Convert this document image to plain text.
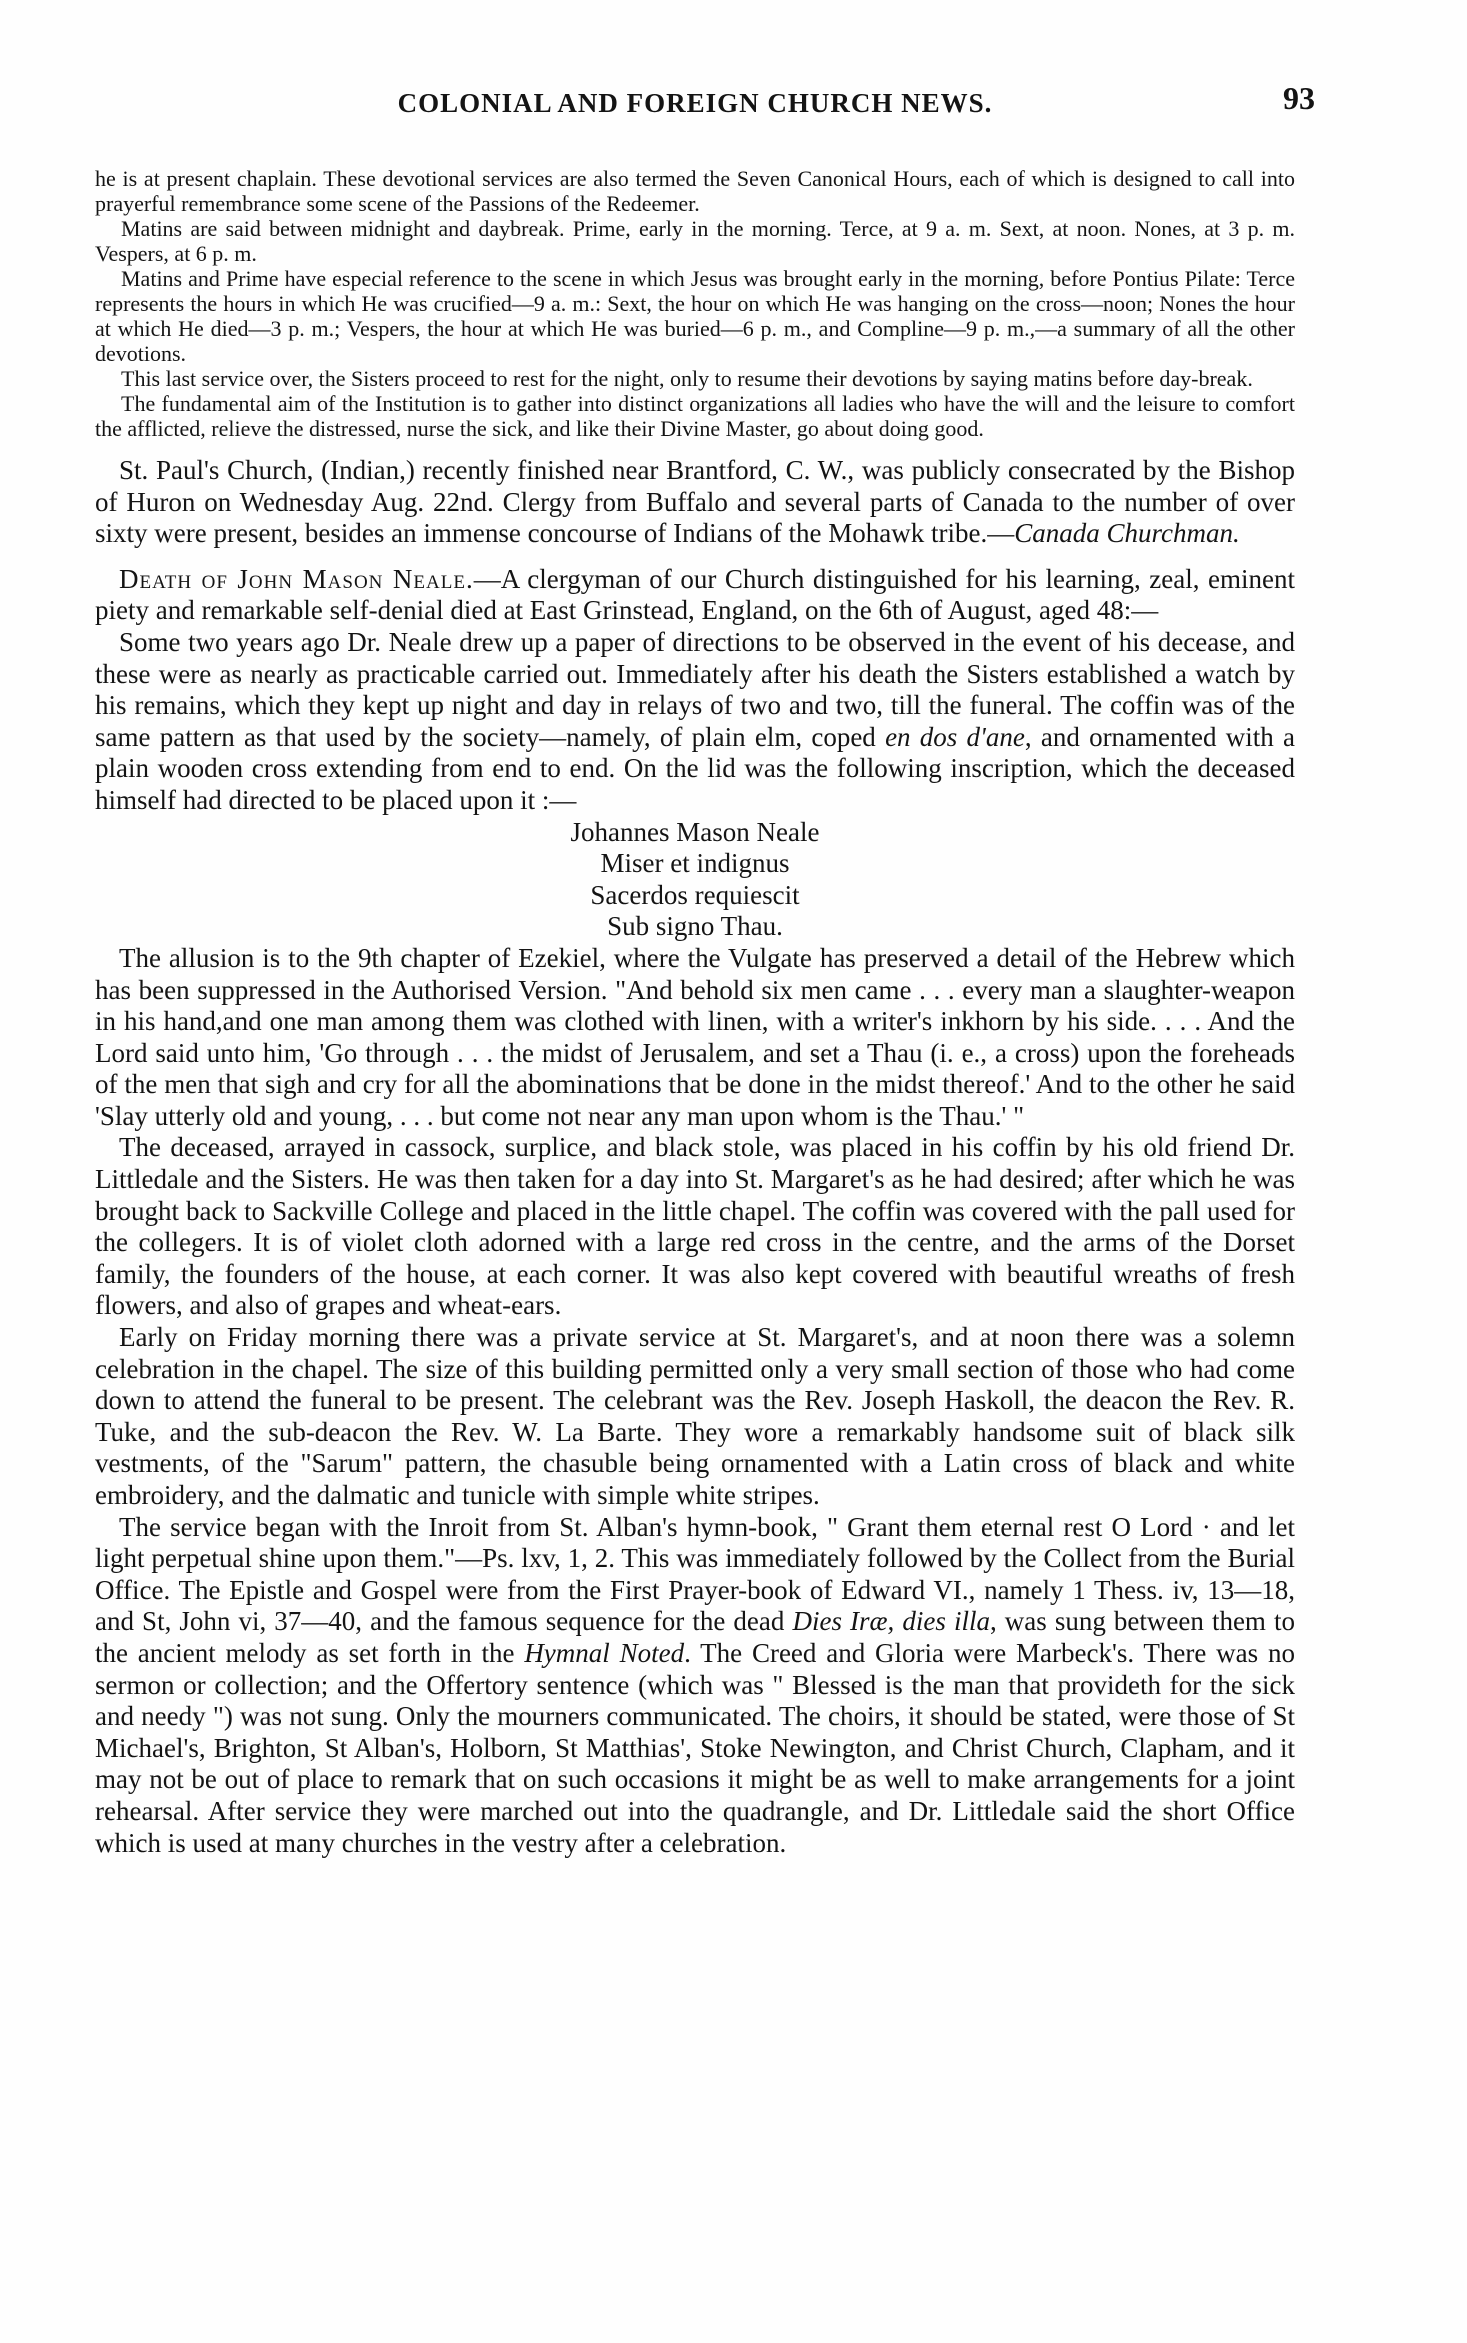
COLONIAL AND FOREIGN CHURCH NEWS.	93

he is at present chaplain. These devotional services are also termed the Seven Canonical Hours, each of which is designed to call into prayerful remembrance some scene of the Passions of the Redeemer.

Matins are said between midnight and daybreak. Prime, early in the morning. Terce, at 9 a. m. Sext, at noon. Nones, at 3 p. m. Vespers, at 6 p. m.

Matins and Prime have especial reference to the scene in which Jesus was brought early in the morning, before Pontius Pilate: Terce represents the hours in which He was crucified—9 a. m.: Sext, the hour on which He was hanging on the cross—noon; Nones the hour at which He died—3 p. m.; Vespers, the hour at which He was buried—6 p. m., and Compline—9 p. m.,—a summary of all the other devotions.

This last service over, the Sisters proceed to rest for the night, only to resume their devotions by saying matins before day-break.

The fundamental aim of the Institution is to gather into distinct organizations all ladies who have the will and the leisure to comfort the afflicted, relieve the distressed, nurse the sick, and like their Divine Master, go about doing good.

St. Paul's Church, (Indian,) recently finished near Brantford, C. W., was publicly consecrated by the Bishop of Huron on Wednesday Aug. 22nd. Clergy from Buffalo and several parts of Canada to the number of over sixty were present, besides an immense concourse of Indians of the Mohawk tribe.—Canada Churchman.

Death of John Mason Neale.—A clergyman of our Church distinguished for his learning, zeal, eminent piety and remarkable self-denial died at East Grinstead, England, on the 6th of August, aged 48:—

Some two years ago Dr. Neale drew up a paper of directions to be observed in the event of his decease, and these were as nearly as practicable carried out. Immediately after his death the Sisters established a watch by his remains, which they kept up night and day in relays of two and two, till the funeral. The coffin was of the same pattern as that used by the society—namely, of plain elm, coped en dos d'ane, and ornamented with a plain wooden cross extending from end to end. On the lid was the following inscription, which the deceased himself had directed to be placed upon it :—

Johannes Mason Neale
Miser et indignus
Sacerdos requiescit
Sub signo Thau.

The allusion is to the 9th chapter of Ezekiel, where the Vulgate has preserved a detail of the Hebrew which has been suppressed in the Authorised Version. "And behold six men came . . . every man a slaughter-weapon in his hand,and one man among them was clothed with linen, with a writer's inkhorn by his side. . . . And the Lord said unto him, 'Go through . . . the midst of Jerusalem, and set a Thau (i. e., a cross) upon the foreheads of the men that sigh and cry for all the abominations that be done in the midst thereof.' And to the other he said 'Slay utterly old and young, . . . but come not near any man upon whom is the Thau.' "

The deceased, arrayed in cassock, surplice, and black stole, was placed in his coffin by his old friend Dr. Littledale and the Sisters. He was then taken for a day into St. Margaret's as he had desired; after which he was brought back to Sackville College and placed in the little chapel. The coffin was covered with the pall used for the collegers. It is of violet cloth adorned with a large red cross in the centre, and the arms of the Dorset family, the founders of the house, at each corner. It was also kept covered with beautiful wreaths of fresh flowers, and also of grapes and wheat-ears.

Early on Friday morning there was a private service at St. Margaret's, and at noon there was a solemn celebration in the chapel. The size of this building permitted only a very small section of those who had come down to attend the funeral to be present. The celebrant was the Rev. Joseph Haskoll, the deacon the Rev. R. Tuke, and the sub-deacon the Rev. W. La Barte. They wore a remarkably handsome suit of black silk vestments, of the "Sarum" pattern, the chasuble being ornamented with a Latin cross of black and white embroidery, and the dalmatic and tunicle with simple white stripes.

The service began with the Inroit from St. Alban's hymn-book, " Grant them eternal rest O Lord · and let light perpetual shine upon them."—Ps. lxv, 1, 2. This was immediately followed by the Collect from the Burial Office. The Epistle and Gospel were from the First Prayer-book of Edward VI., namely 1 Thess. iv, 13—18, and St, John vi, 37—40, and the famous sequence for the dead Dies Iræ, dies illa, was sung between them to the ancient melody as set forth in the Hymnal Noted. The Creed and Gloria were Marbeck's. There was no sermon or collection; and the Offertory sentence (which was " Blessed is the man that provideth for the sick and needy ") was not sung. Only the mourners communicated. The choirs, it should be stated, were those of St Michael's, Brighton, St Alban's, Holborn, St Matthias', Stoke Newington, and Christ Church, Clapham, and it may not be out of place to remark that on such occasions it might be as well to make arrangements for a joint rehearsal. After service they were marched out into the quadrangle, and Dr. Littledale said the short Office which is used at many churches in the vestry after a celebration.
